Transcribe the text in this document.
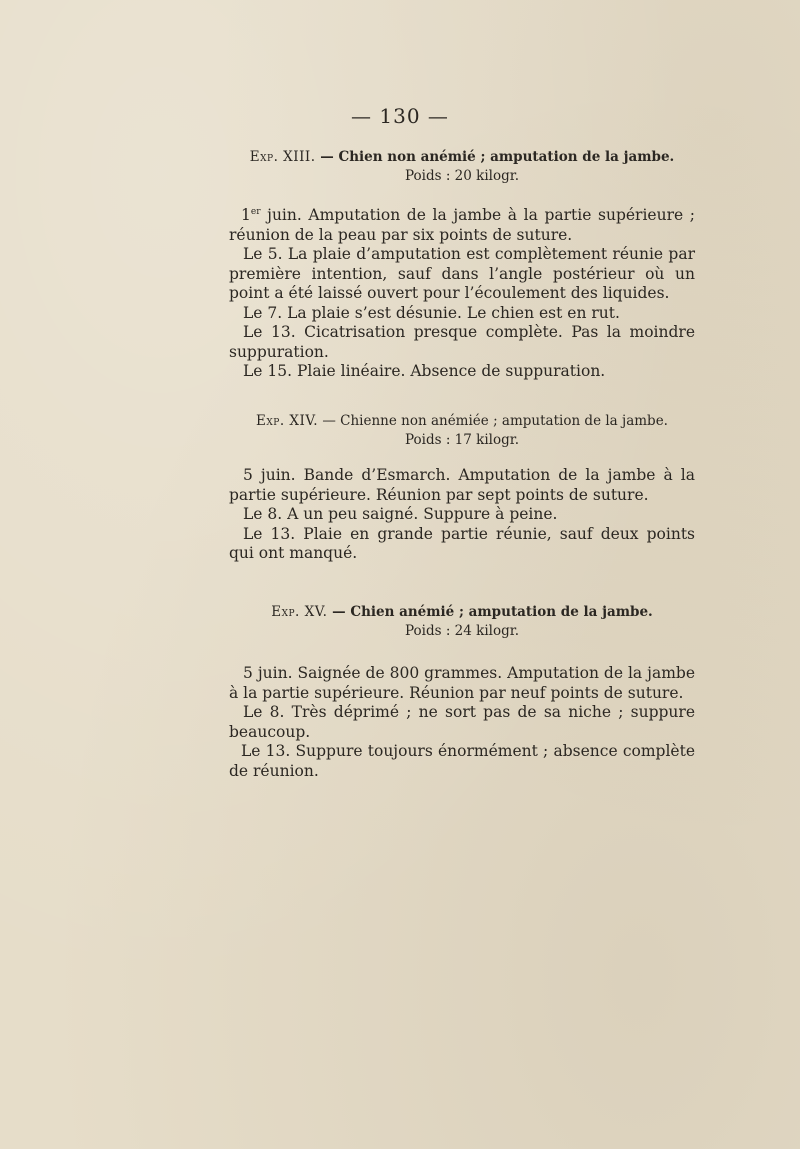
— 130 —

Exp. XIII. — Chien non anémié ; amputation de la jambe.

Poids : 20 kilogr.

1er juin. Amputation de la jambe à la partie supérieure ; réunion de la peau par six points de suture.

Le 5. La plaie d’amputation est complètement réunie par première intention, sauf dans l’angle postérieur où un point a été laissé ouvert pour l’écoulement des liquides.

Le 7. La plaie s’est désunie. Le chien est en rut.

Le 13. Cicatrisation presque complète. Pas la moindre suppuration.

Le 15. Plaie linéaire. Absence de suppuration.

Exp. XIV. — Chienne non anémiée ; amputation de la jambe.

Poids : 17 kilogr.

5 juin. Bande d’Esmarch. Amputation de la jambe à la partie supérieure. Réunion par sept points de suture.

Le 8. A un peu saigné. Suppure à peine.

Le 13. Plaie en grande partie réunie, sauf deux points qui ont manqué.

Exp. XV. — Chien anémié ; amputation de la jambe.

Poids : 24 kilogr.

5 juin. Saignée de 800 grammes. Amputation de la jambe à la partie supérieure. Réunion par neuf points de suture.

Le 8. Très déprimé ; ne sort pas de sa niche ; suppure beaucoup.

Le 13. Suppure toujours énormément ; absence complète de réunion.
